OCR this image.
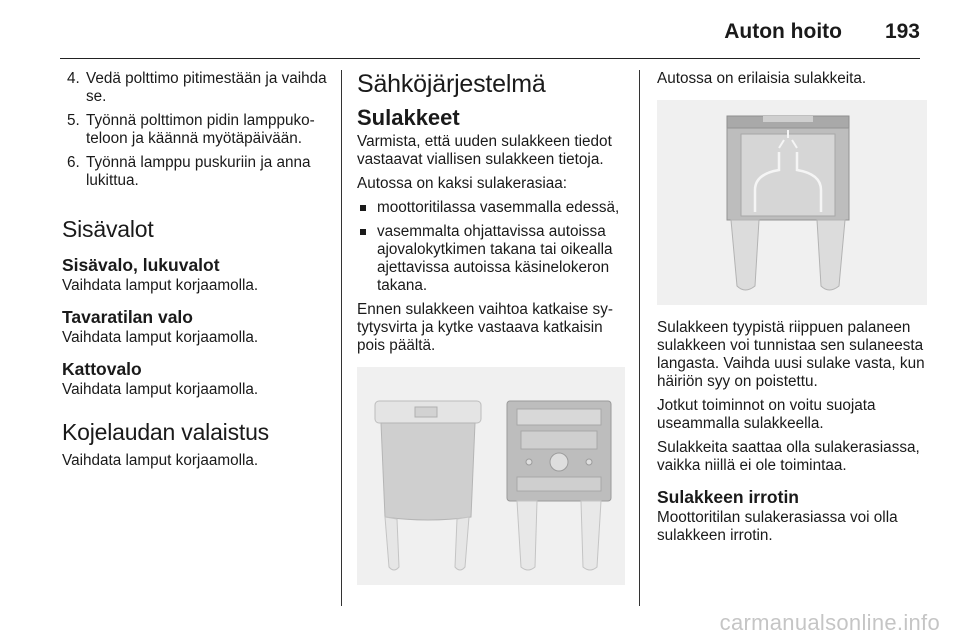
Auton hoito 193
4. Vedä polttimo pitimestään ja vaihda se.
5. Työnnä polttimon pidin lamppukoteloon ja käännä myötäpäivään.
6. Työnnä lamppu puskuriin ja anna lukittua.
Sisävalot
Sisävalo, lukuvalot

Vaihdata lamput korjaamolla.

Tavaratilan valo

Vaihdata lamput korjaamolla.

Kattovalo

Vaihdata lamput korjaamolla.

Kojelaudan valaistus

Vaihdata lamput korjaamolla.

Sähköjärjestelmä
Sulakkeet

Varmista, että uuden sulakkeen tiedot vastaavat viallisen sulakkeen tietoja.

Autossa on kaksi sulakerasiaa:

moottoritilassa vasemmalla edessä,
vasemmalta ohjattavissa autoissa ajovalokytkimen takana tai oikealla ajettavissa autoissa käsinelokeron takana.

Ennen sulakkeen vaihtoa katkaise sytytysvirta ja kytke vastaava katkaisin pois päältä.

Autossa on erilaisia sulakkeita.

Sulakkeen tyypistä riippuen palaneen sulakkeen voi tunnistaa sen sulaneesta langasta. Vaihda uusi sulake vasta, kun häiriön syy on poistettu.

Jotkut toiminnot on voitu suojata useammalla sulakkeella.

Sulakkeita saattaa olla sulakerasiassa, vaikka niillä ei ole toimintaa.

Sulakkeen irrotin

Moottoritilan sulakerasiassa voi olla sulakkeen irrotin.

carmanualsonline.info
